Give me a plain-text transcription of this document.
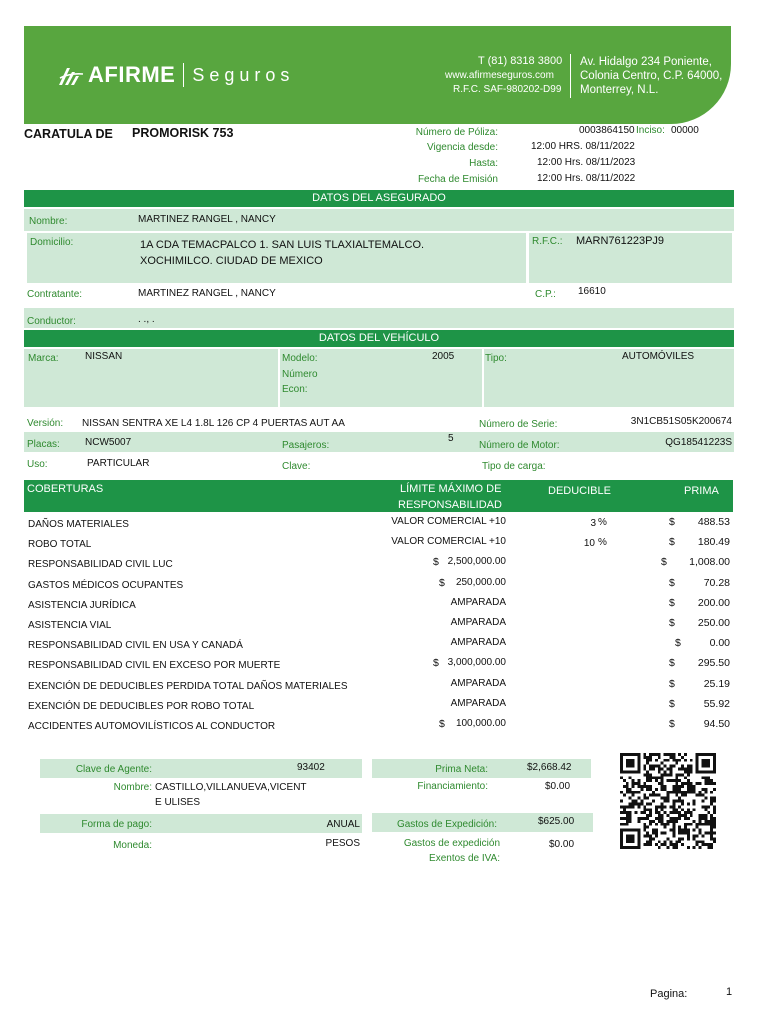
AFIRME Seguros
T (81) 8318 3800
www.afirmeseguros.com
R.F.C. SAF-980202-D99
Av. Hidalgo 234 Poniente,
Colonia Centro, C.P. 64000,
Monterrey, N.L.
CARATULA DE PROMORISK 753	Número de Póliza:	0003864150 Inciso: 00000
Vigencia desde:	12:00 HRS. 08/11/2022
Hasta:	12:00 Hrs. 08/11/2023
Fecha de Emisión	12:00 Hrs. 08/11/2022
DATOS DEL ASEGURADO
Nombre:	MARTINEZ RANGEL , NANCY
Domicilio:	1A CDA TEMACPALCO 1. SAN LUIS TLAXIALTEMALCO.
XOCHIMILCO. CIUDAD DE MEXICO
R.F.C.: MARN761223PJ9
Contratante:	MARTINEZ RANGEL , NANCY	C.P.: 16610
Conductor:	. ., .
DATOS DEL VEHÍCULO
Marca:	NISSAN	Modelo:	2005
Número
Econ:
Tipo:	AUTOMÓVILES
Versión: NISSAN SENTRA XE L4 1.8L 126 CP 4 PUERTAS AUT AA	Número de Serie:	3N1CB51S05K200674
Placas:	NCW5007	Pasajeros:
5
Número de Motor:	QG18541223S
Uso:	PARTICULAR	Clave:	Tipo de carga:
COBERTURAS	LÍMITE MÁXIMO DE
RESPONSABILIDAD
DEDUCIBLE	PRIMA
DAÑOS MATERIALES	VALOR COMERCIAL +10	3 %	$ 488.53
ROBO TOTAL	VALOR COMERCIAL +10	10 %	$ 180.49
RESPONSABILIDAD CIVIL LUC	$ 2,500,000.00	$ 1,008.00
GASTOS MÉDICOS OCUPANTES	$ 250,000.00	$	70.28
ASISTENCIA JURÍDICA	AMPARADA	$ 200.00
ASISTENCIA VIAL	AMPARADA	$ 250.00
RESPONSABILIDAD CIVIL EN USA Y CANADÁ	AMPARADA	$	0.00
RESPONSABILIDAD CIVIL EN EXCESO POR MUERTE	$ 3,000,000.00	$ 295.50
EXENCIÓN DE DEDUCIBLES PERDIDA TOTAL DAÑOS MATERIALES	AMPARADA	$	25.19
EXENCIÓN DE DEDUCIBLES POR ROBO TOTAL	AMPARADA	$	55.92
ACCIDENTES AUTOMOVILÍSTICOS AL CONDUCTOR	$ 100,000.00	$	94.50
Clave de Agente:	93402
Nombre: CASTILLO,VILLANUEVA,VICENT
E ULISES
Forma de pago:	ANUAL
Moneda:	PESOS
Prima Neta:	$2,668.42
Financiamiento:	$0.00
Gastos de Expedición:	$625.00
Gastos de expedición
Exentos de IVA:
$0.00
Pagina:	1
